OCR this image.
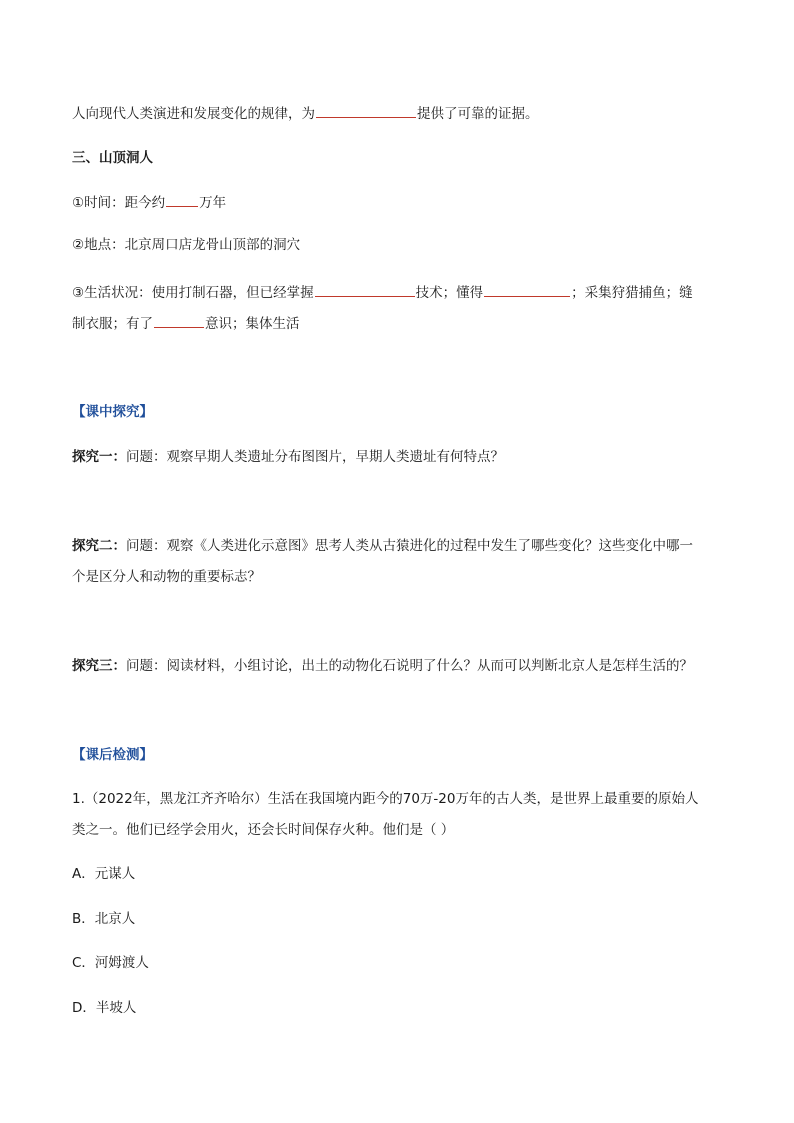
人向现代人类演进和发展变化的规律，为	提供了可靠的证据。
三、山顶洞人
①时间：距今约	万年
②地点：北京周口店龙骨山顶部的洞穴
③生活状况：使用打制石器，但已经掌握	技术；懂得	；采集狩猎捕鱼；缝
制衣服；有了	意识；集体生活
【课中探究】
探究一：问题：观察早期人类遗址分布图图片，早期人类遗址有何特点？
探究二：问题：观察《人类进化示意图》思考人类从古猿进化的过程中发生了哪些变化？这些变化中哪一
个是区分人和动物的重要标志？
探究三：问题：阅读材料，小组讨论，出土的动物化石说明了什么？从而可以判断北京人是怎样生活的？
【课后检测】
1.（2022年，黑龙江齐齐哈尔）生活在我国境内距今的70万-20万年的古人类，是世界上最重要的原始人
类之一。他们已经学会用火，还会长时间保存火种。他们是（ ）
A．元谋人
B．北京人
C．河姆渡人
D．半坡人
